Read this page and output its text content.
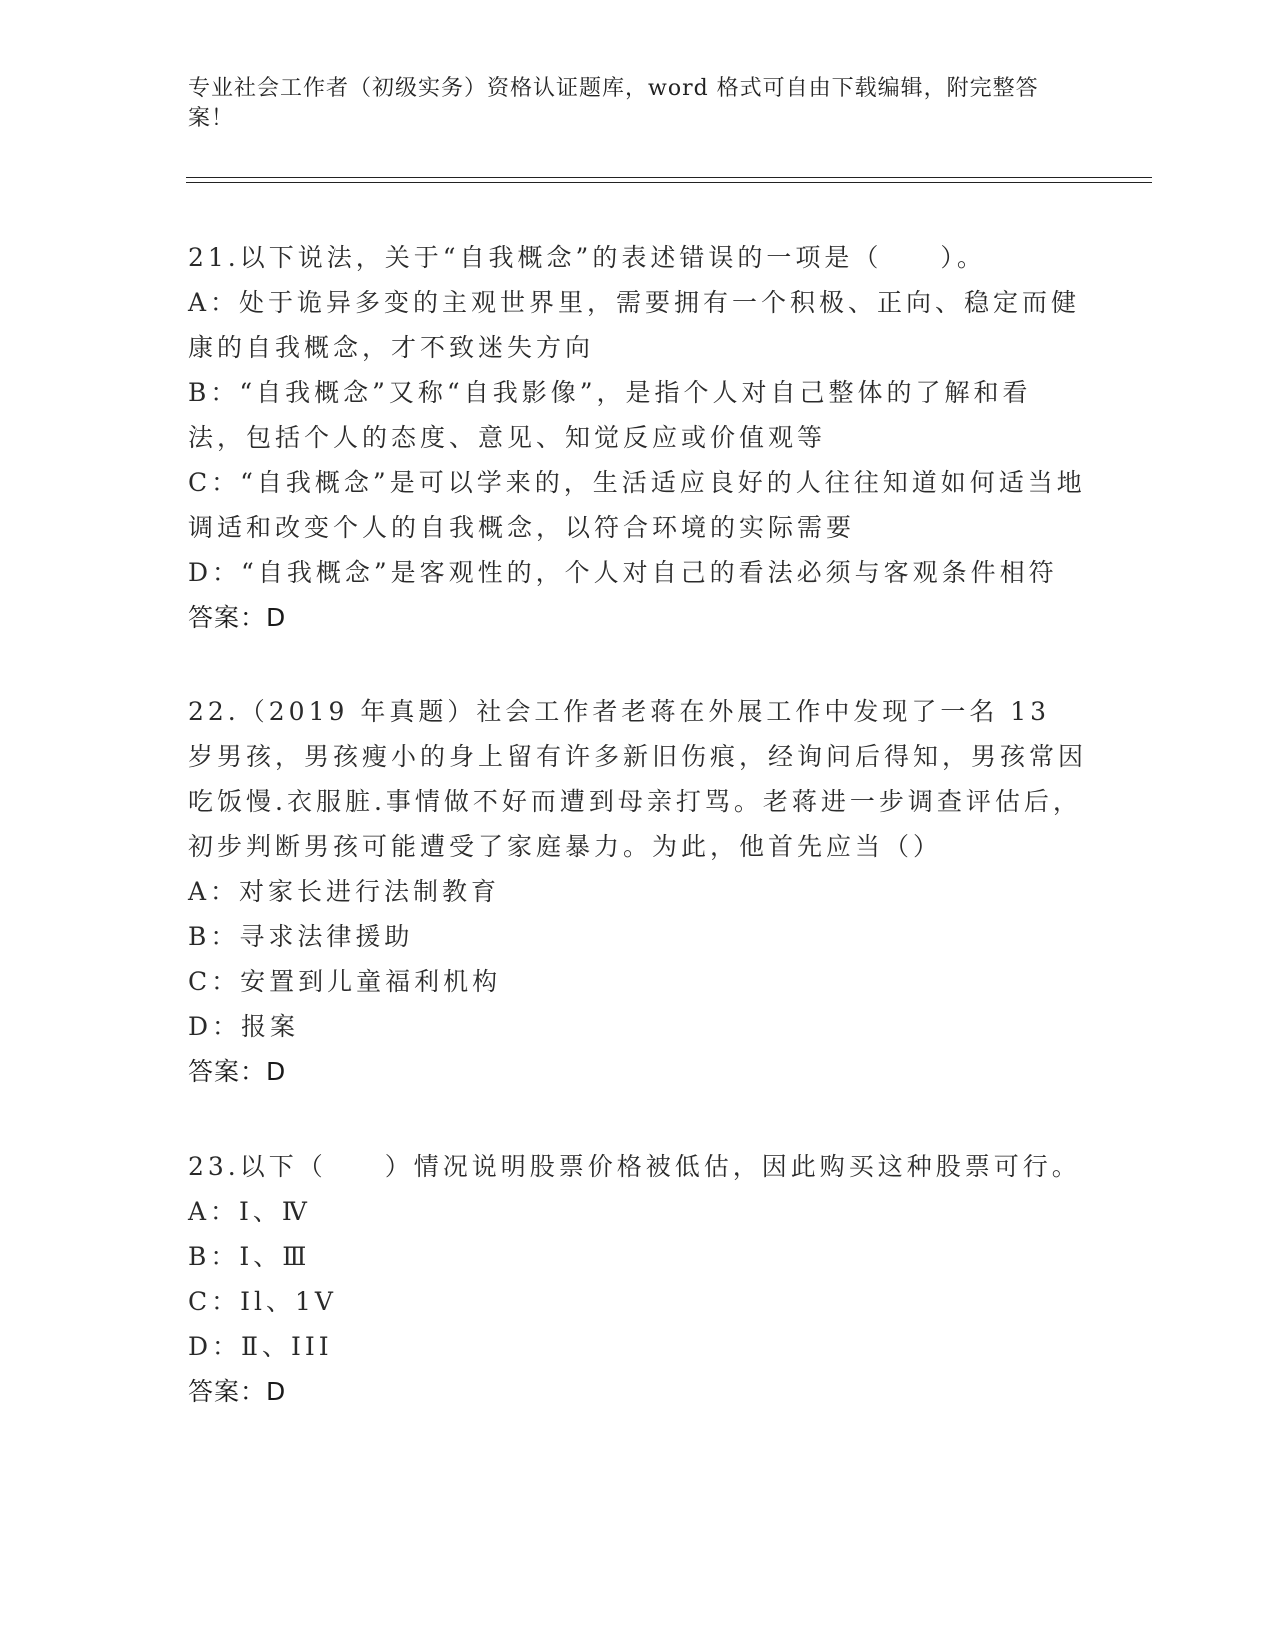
专业社会工作者（初级实务）资格认证题库，word 格式可自由下载编辑，附完整答案！
21.以下说法，关于“自我概念”的表述错误的一项是（　　）。
A：处于诡异多变的主观世界里，需要拥有一个积极、正向、稳定而健康的自我概念，才不致迷失方向
B：“自我概念”又称“自我影像”，是指个人对自己整体的了解和看法，包括个人的态度、意见、知觉反应或价值观等
C：“自我概念”是可以学来的，生活适应良好的人往往知道如何适当地调适和改变个人的自我概念，以符合环境的实际需要
D：“自我概念”是客观性的，个人对自己的看法必须与客观条件相符
答案：D
22.（2019 年真题）社会工作者老蒋在外展工作中发现了一名 13 岁男孩，男孩瘦小的身上留有许多新旧伤痕，经询问后得知，男孩常因吃饭慢.衣服脏.事情做不好而遭到母亲打骂。老蒋进一步调查评估后，初步判断男孩可能遭受了家庭暴力。为此，他首先应当（）
A：对家长进行法制教育
B：寻求法律援助
C：安置到儿童福利机构
D：报案
答案：D
23.以下（　　）情况说明股票价格被低估，因此购买这种股票可行。
A：Ⅰ、Ⅳ
B：Ⅰ、Ⅲ
C：Il、1V
D：Ⅱ、III
答案：D
